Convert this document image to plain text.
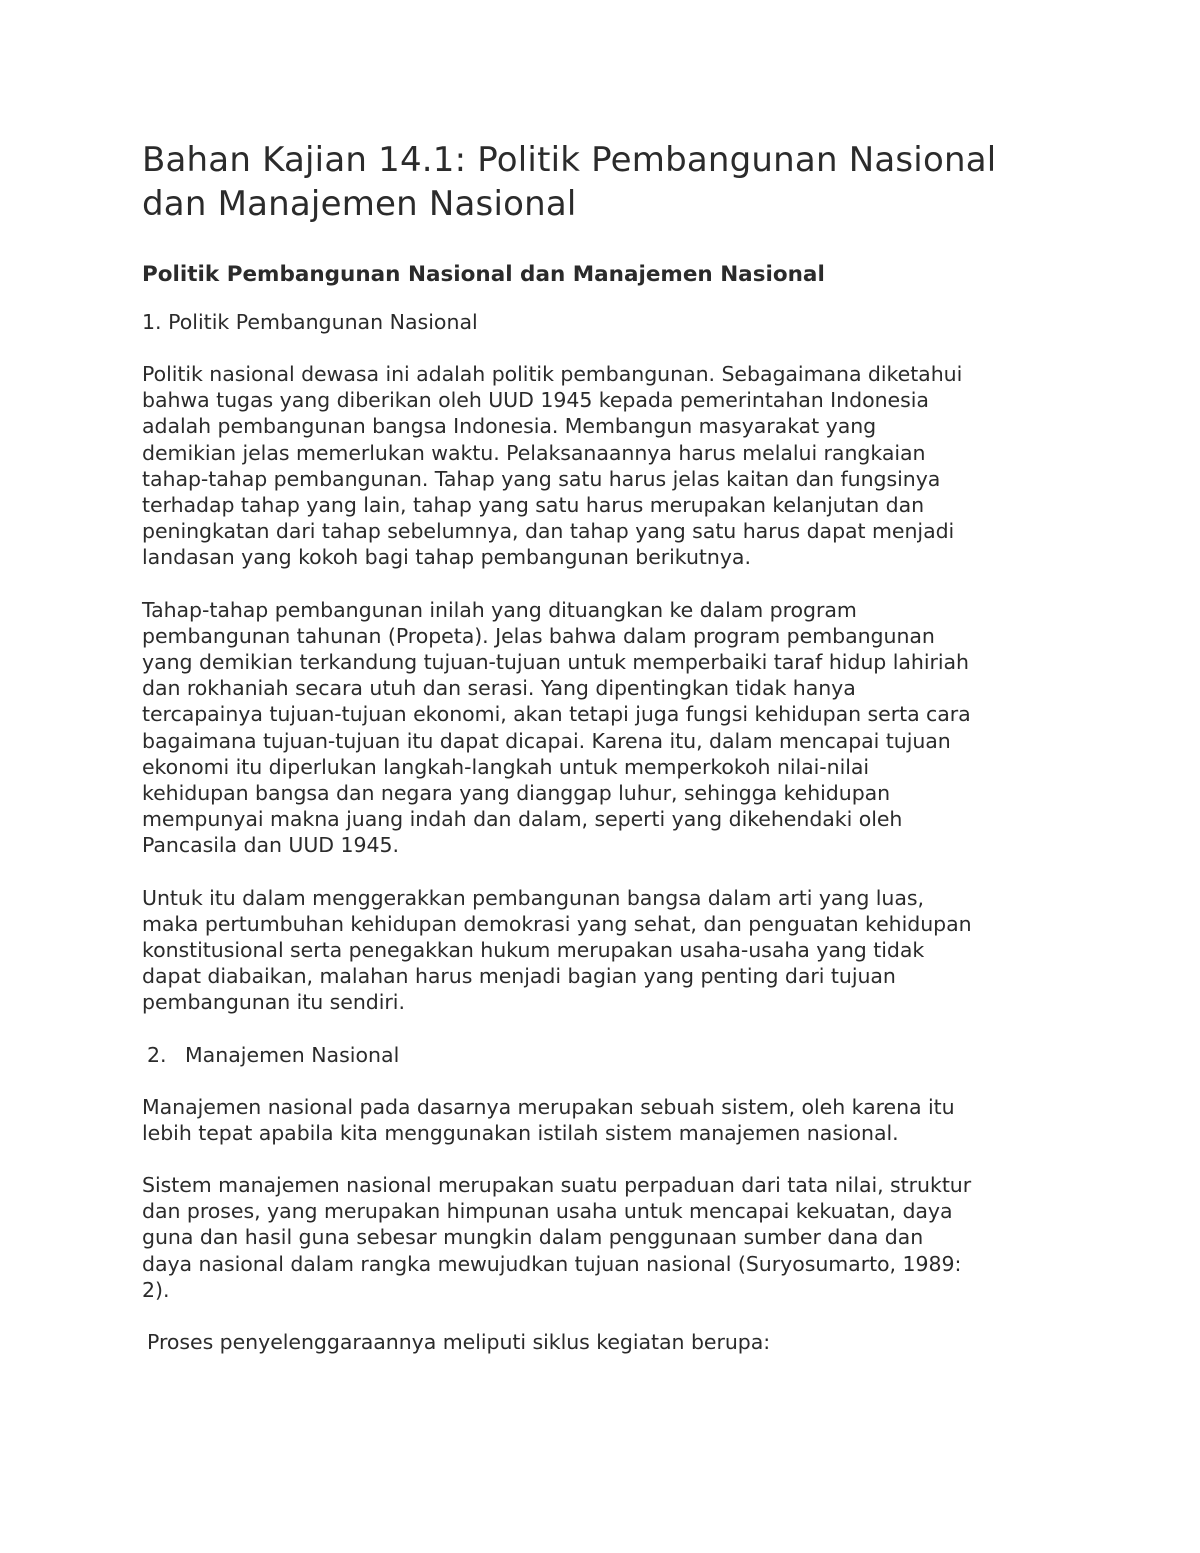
Bahan Kajian 14.1: Politik Pembangunan Nasional
dan Manajemen Nasional
Politik Pembangunan Nasional dan Manajemen Nasional
1. Politik Pembangunan Nasional

Politik nasional dewasa ini adalah politik pembangunan. Sebagaimana diketahui
bahwa tugas yang diberikan oleh UUD 1945 kepada pemerintahan Indonesia
adalah pembangunan bangsa Indonesia. Membangun masyarakat yang
demikian jelas memerlukan waktu. Pelaksanaannya harus melalui rangkaian
tahap-tahap pembangunan. Tahap yang satu harus jelas kaitan dan fungsinya
terhadap tahap yang lain, tahap yang satu harus merupakan kelanjutan dan
peningkatan dari tahap sebelumnya, dan tahap yang satu harus dapat menjadi
landasan yang kokoh bagi tahap pembangunan berikutnya.

Tahap-tahap pembangunan inilah yang dituangkan ke dalam program
pembangunan tahunan (Propeta). Jelas bahwa dalam program pembangunan
yang demikian terkandung tujuan-tujuan untuk memperbaiki taraf hidup lahiriah
dan rokhaniah secara utuh dan serasi. Yang dipentingkan tidak hanya
tercapainya tujuan-tujuan ekonomi, akan tetapi juga fungsi kehidupan serta cara
bagaimana tujuan-tujuan itu dapat dicapai. Karena itu, dalam mencapai tujuan
ekonomi itu diperlukan langkah-langkah untuk memperkokoh nilai-nilai
kehidupan bangsa dan negara yang dianggap luhur, sehingga kehidupan
mempunyai makna juang indah dan dalam, seperti yang dikehendaki oleh
Pancasila dan UUD 1945.

Untuk itu dalam menggerakkan pembangunan bangsa dalam arti yang luas,
maka pertumbuhan kehidupan demokrasi yang sehat, dan penguatan kehidupan
konstitusional serta penegakkan hukum merupakan usaha-usaha yang tidak
dapat diabaikan, malahan harus menjadi bagian yang penting dari tujuan
pembangunan itu sendiri.

2. Manajemen Nasional

Manajemen nasional pada dasarnya merupakan sebuah sistem, oleh karena itu
lebih tepat apabila kita menggunakan istilah sistem manajemen nasional.

Sistem manajemen nasional merupakan suatu perpaduan dari tata nilai, struktur
dan proses, yang merupakan himpunan usaha untuk mencapai kekuatan, daya
guna dan hasil guna sebesar mungkin dalam penggunaan sumber dana dan
daya nasional dalam rangka mewujudkan tujuan nasional (Suryosumarto, 1989:
2).

Proses penyelenggaraannya meliputi siklus kegiatan berupa:
